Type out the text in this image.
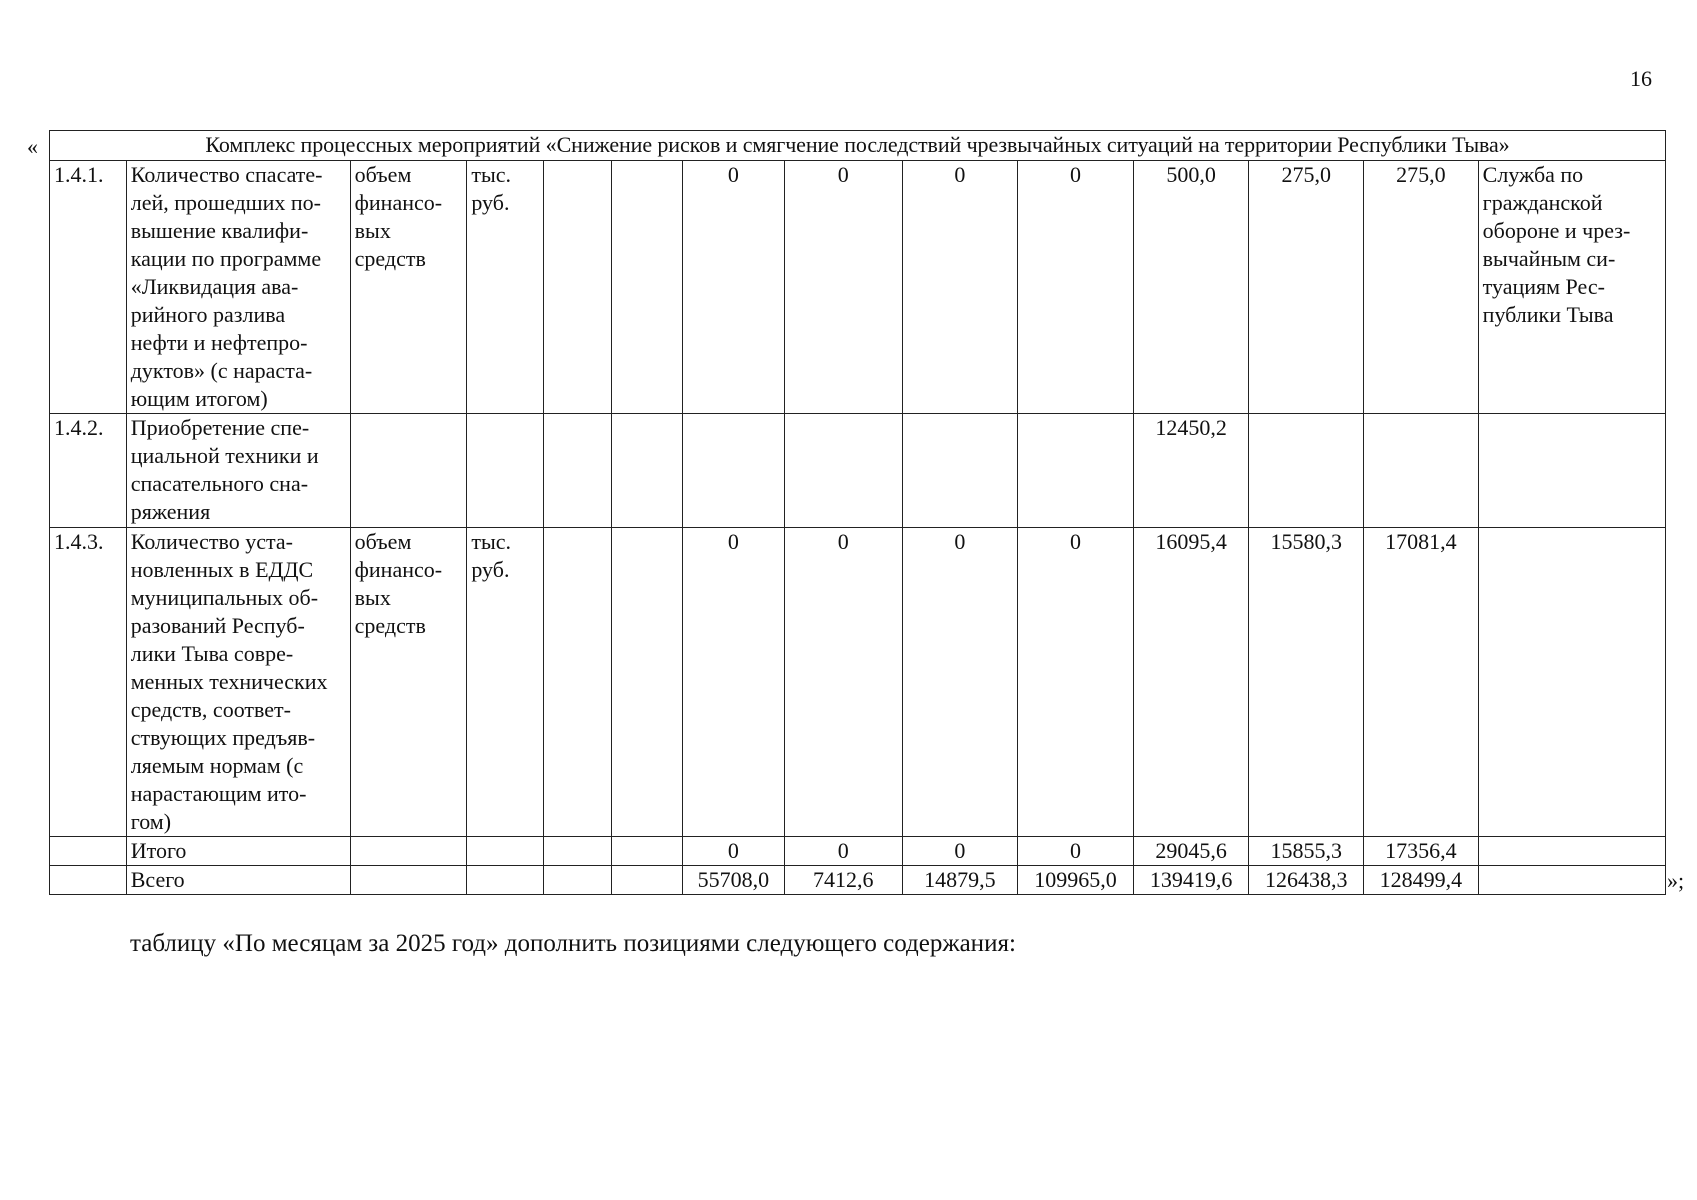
16
«	Комплекс процессных мероприятий «Снижение рисков и смягчение последствий чрезвычайных ситуаций на территории Республики Тыва»													
1.4.1.	Количество спасате-лей, прошедших по-вышение квалифи-кации по программе «Ликвидация ава-рийного разлива нефти и нефтепро-дуктов» (с нараста-ющим итогом)	объем финансо-вых средств	тыс. руб.			0	0	0	0	500,0	275,0	275,0	Служба по гражданской обороне и чрез-вычайным си-туациям Рес-публики Тыва
1.4.2.	Приобретение спе-циальной техники и спасательного сна-ряжения									12450,2			
1.4.3.	Количество уста-новленных в ЕДДС муниципальных об-разований Респуб-лики Тыва совре-менных технических средств, соответ-ствующих предъяв-ляемым нормам (с нарастающим ито-гом)	объем финансо-вых средств	тыс. руб.			0	0	0	0	16095,4	15580,3	17081,4	
	Итого					0	0	0	0	29045,6	15855,3	17356,4	
	Всего					55708,0	7412,6	14879,5	109965,0	139419,6	126438,3	128499,4		»;
таблицу «По месяцам за 2025 год» дополнить позициями следующего содержания:
